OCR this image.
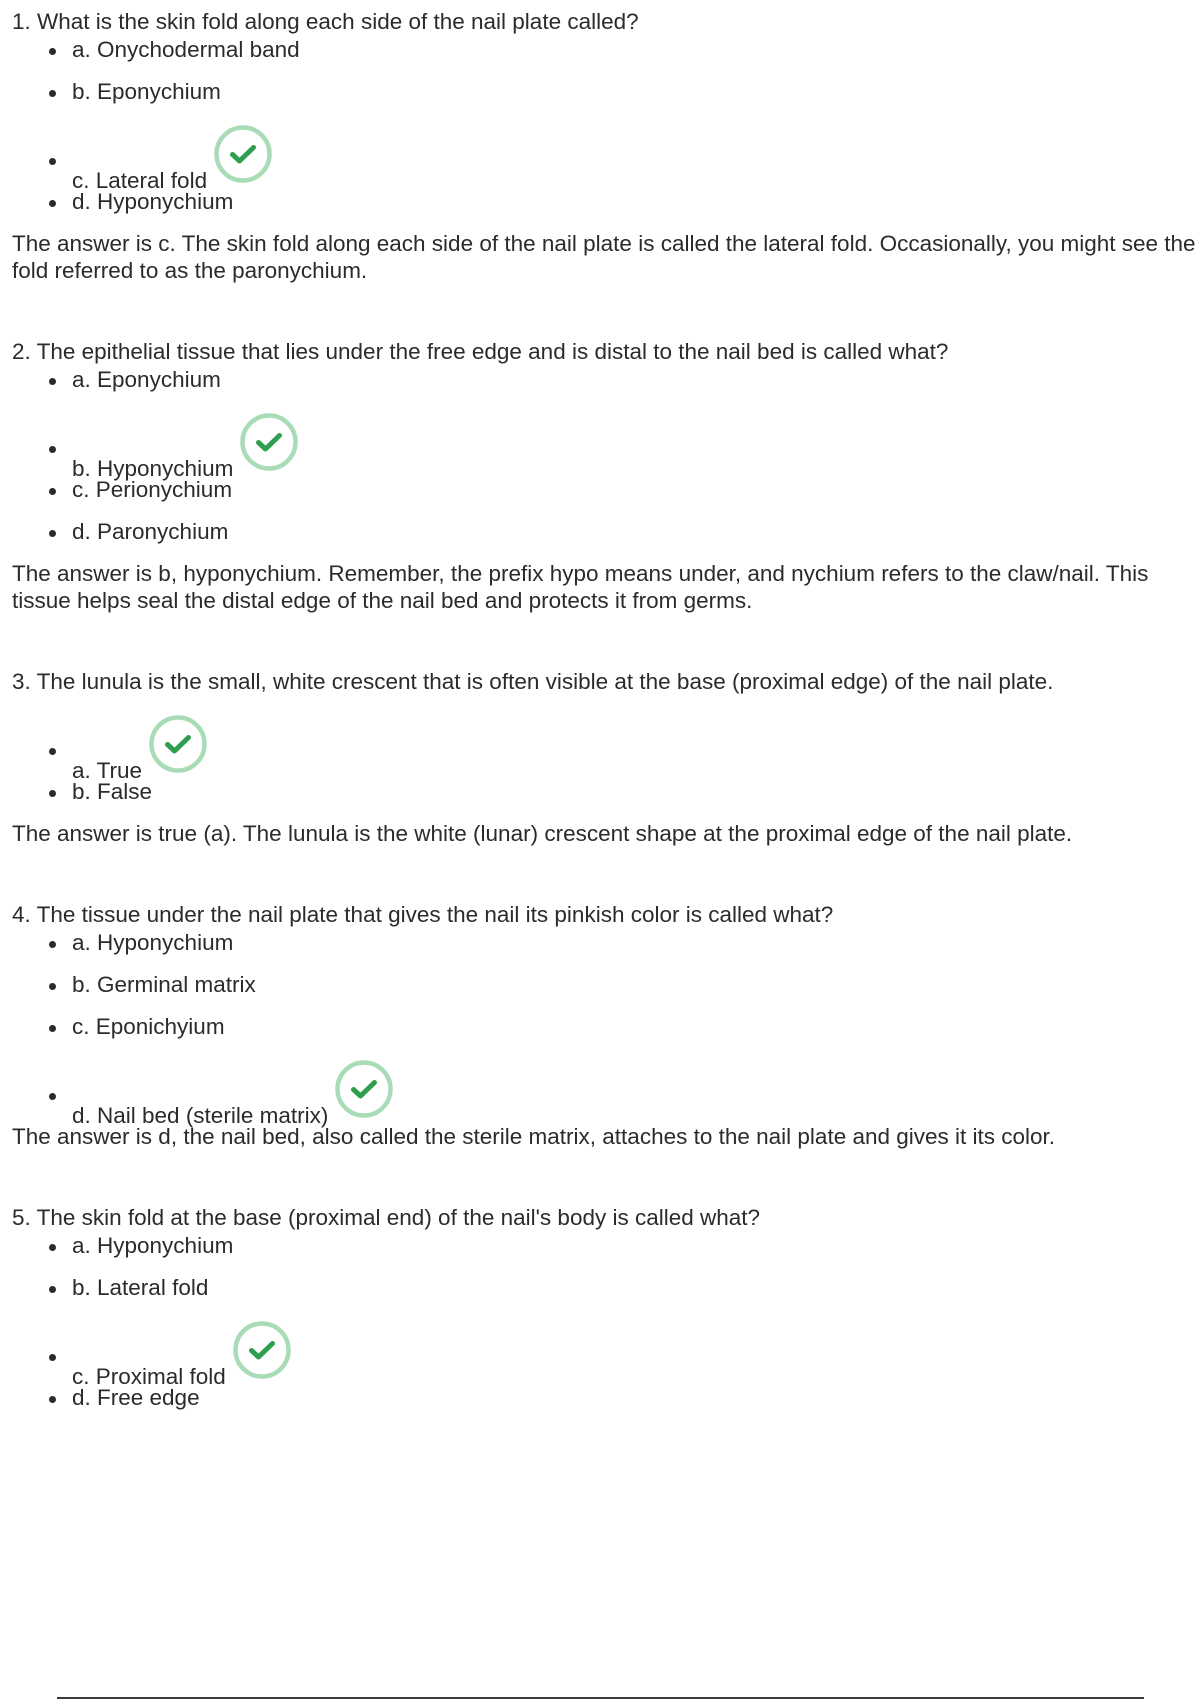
1. What is the skin fold along each side of the nail plate called?

a. Onychodermal band
b. Eponychium
c. Lateral fold
d. Hyponychium

The answer is c. The skin fold along each side of the nail plate is called the lateral fold. Occasionally, you might see the fold referred to as the paronychium.

2. The epithelial tissue that lies under the free edge and is distal to the nail bed is called what?

a. Eponychium
b. Hyponychium
c. Perionychium
d. Paronychium

The answer is b, hyponychium. Remember, the prefix hypo means under, and nychium refers to the claw/nail. This tissue helps seal the distal edge of the nail bed and protects it from germs.

3. The lunula is the small, white crescent that is often visible at the base (proximal edge) of the nail plate.

a. True
b. False

The answer is true (a). The lunula is the white (lunar) crescent shape at the proximal edge of the nail plate.

4. The tissue under the nail plate that gives the nail its pinkish color is called what?

a. Hyponychium
b. Germinal matrix
c. Eponichyium
d. Nail bed (sterile matrix)

The answer is d, the nail bed, also called the sterile matrix, attaches to the nail plate and gives it its color.

5. The skin fold at the base (proximal end) of the nail's body is called what?

a. Hyponychium
b. Lateral fold
c. Proximal fold
d. Free edge
